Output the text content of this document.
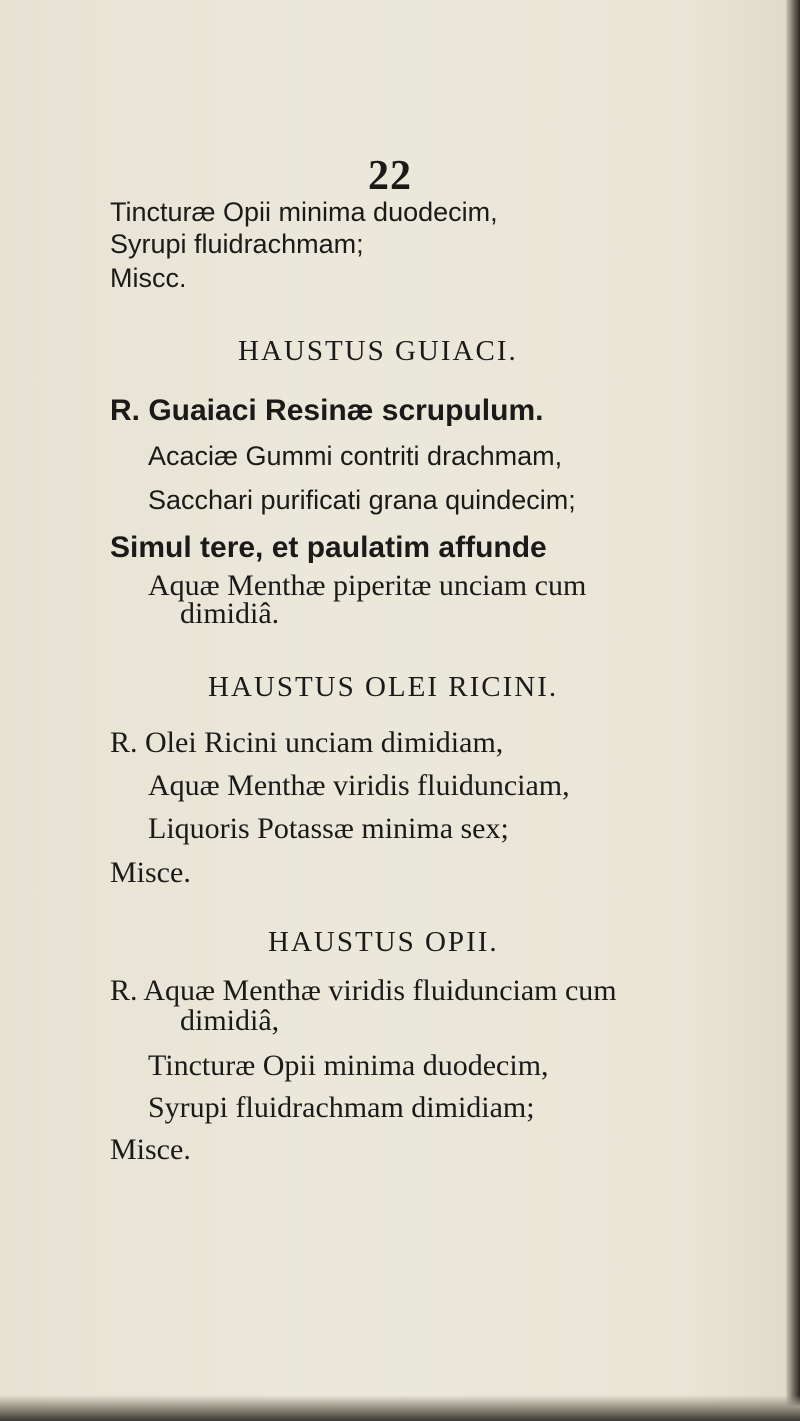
22
Tincturæ Opii minima duodecim,
Syrupi fluidrachmam;
Miscc.
HAUSTUS GUIACI.
R. Guaiaci Resinæ scrupulum.
Acaciæ Gummi contriti drachmam,
Sacchari purificati grana quindecim;
Simul tere, et paulatim affunde
Aquæ Menthæ piperitæ unciam cum
dimidiâ.
HAUSTUS OLEI RICINI.
R. Olei Ricini unciam dimidiam,
Aquæ Menthæ viridis fluidunciam,
Liquoris Potassæ minima sex;
Misce.
HAUSTUS OPII.
R. Aquæ Menthæ viridis fluidunciam cum
dimidiâ,
Tincturæ Opii minima duodecim,
Syrupi fluidrachmam dimidiam;
Misce.
